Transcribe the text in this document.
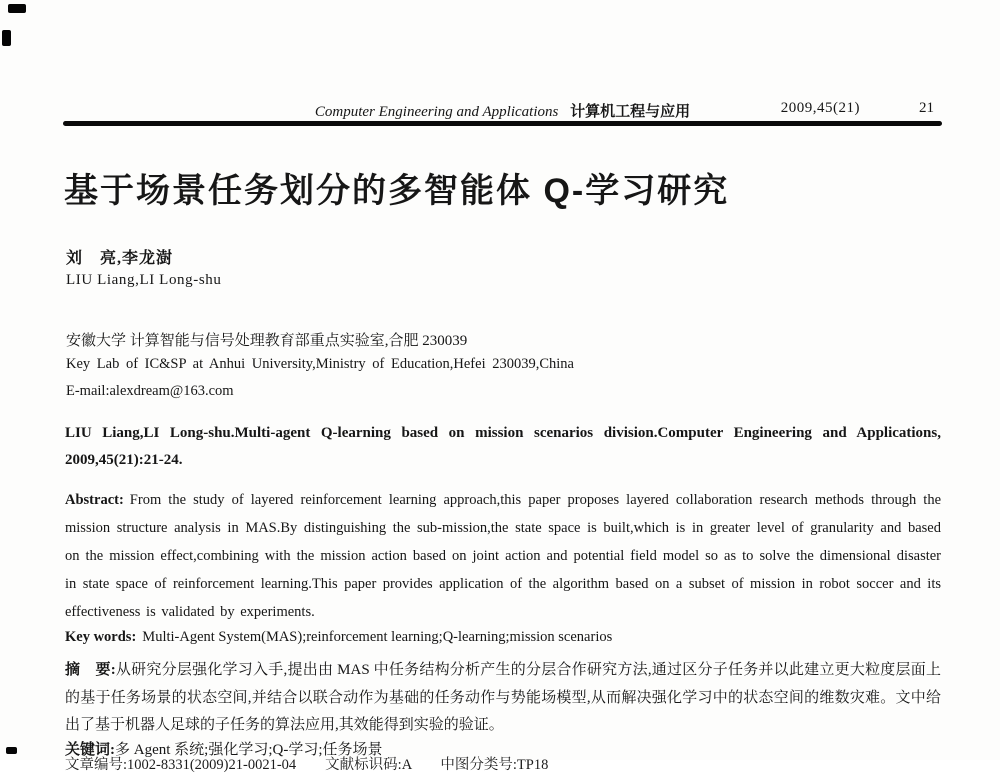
Computer Engineering and Applications 计算机工程与应用	2009,45(21)	21
基于场景任务划分的多智能体 Q-学习研究
刘　亮,李龙澍
LIU Liang,LI Long-shu
安徽大学 计算智能与信号处理教育部重点实验室,合肥 230039
Key Lab of IC&SP at Anhui University,Ministry of Education,Hefei 230039,China
E-mail:alexdream@163.com

LIU Liang,LI Long-shu.Multi-agent Q-learning based on mission scenarios division.Computer Engineering and Applications, 2009,45(21):21-24.

Abstract: From the study of layered reinforcement learning approach,this paper proposes layered collaboration research methods through the mission structure analysis in MAS.By distinguishing the sub-mission,the state space is built,which is in greater level of granularity and based on the mission effect,combining with the mission action based on joint action and potential field model so as to solve the dimensional disaster in state space of reinforcement learning.This paper provides application of the algorithm based on a subset of mission in robot soccer and its effectiveness is validated by experiments.

Key words: Multi-Agent System(MAS);reinforcement learning;Q-learning;mission scenarios

摘　要:从研究分层强化学习入手,提出由 MAS 中任务结构分析产生的分层合作研究方法,通过区分子任务并以此建立更大粒度层面上的基于任务场景的状态空间,并结合以联合动作为基础的任务动作与势能场模型,从而解决强化学习中的状态空间的维数灾难。文中给出了基于机器人足球的子任务的算法应用,其效能得到实验的验证。

关键词:多 Agent 系统;强化学习;Q-学习;任务场景

文章编号:1002-8331(2009)21-0021-04　　文献标识码:A　　中图分类号:TP18
